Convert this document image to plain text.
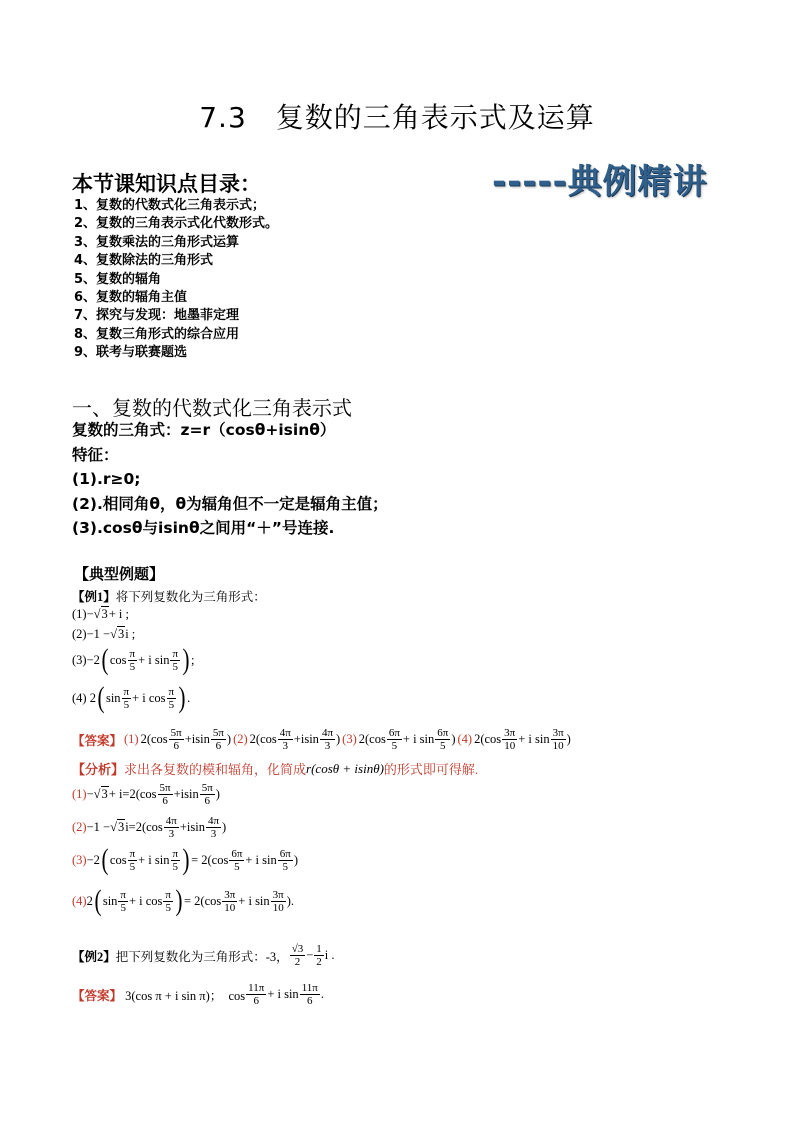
7.3　复数的三角表示式及运算
本节课知识点目录：	-----典例精讲
1、复数的代数式化三角表示式；
2、复数的三角表示式化代数形式。
3、复数乘法的三角形式运算
4、复数除法的三角形式
5、复数的辐角
6、复数的辐角主值
7、探究与发现：地墨菲定理
8、复数三角形式的综合应用
9、联考与联赛题选
一、复数的代数式化三角表示式
复数的三角式：z=r（cosθ+isinθ）
特征：
(1).r≥0;
(2).相同角θ，θ为辐角但不一定是辐角主值；
(3).cosθ与isinθ之间用“＋”号连接.
【典型例题】
【例1】 将下列复数化为三角形式：
(1)− √3 + i ;
(2)−1 − √3 i ;
(3)−2 ( $\cos \frac{\pi}{5} + i$ $\sin \frac{\pi}{5}$ ) ;
(4) 2 ( $\sin \frac{\pi}{5} + i$ $\cos \frac{\pi}{5}$ ) .
【答案】 (1) $2(\cos \frac{5\pi}{6} +isin \frac{5\pi}{6}$ ) (2) $2(\cos \frac{4\pi}{3} +isin \frac{4\pi}{3}$ ) (3) $2(\cos \frac{6\pi}{5} + i$ $\sin \frac{6\pi}{5}$ ) (4) $2(\cos \frac{3\pi}{10} + i$ $\sin \frac{3\pi}{10}$ )
【分析】 求出各复数的模和辐角，化简成 r(cosθ + isinθ) 的形式即可得解.
$(1) - √3 + i=2(\cos \frac{5\pi}{6} +isin \frac{5\pi}{6}$ )
(2) −1 − √3 $i=2(\cos \frac{4\pi}{3} +isin \frac{4\pi}{3}$ )
(3) −2 ( $\cos \frac{\pi}{5} + i$ $\sin \frac{\pi}{5}$ ) = $2(\cos \frac{6\pi}{5} + i$ $\sin \frac{6\pi}{5}$ )
(4) 2 ( $\sin \frac{\pi}{5} + i$ $\cos \frac{\pi}{5}$ ) = $2(\cos \frac{3\pi}{10} + i$ $\sin \frac{3\pi}{10}$ ).
【例2】 把下列复数化为三角形式：-3， $\frac{√3}{2} - \frac{1}{2}$ i .
【答案】 3(cos π + i sin π)；  $\cos \frac{11\pi}{6} + i$ $\sin \frac{11\pi}{6}$ .
